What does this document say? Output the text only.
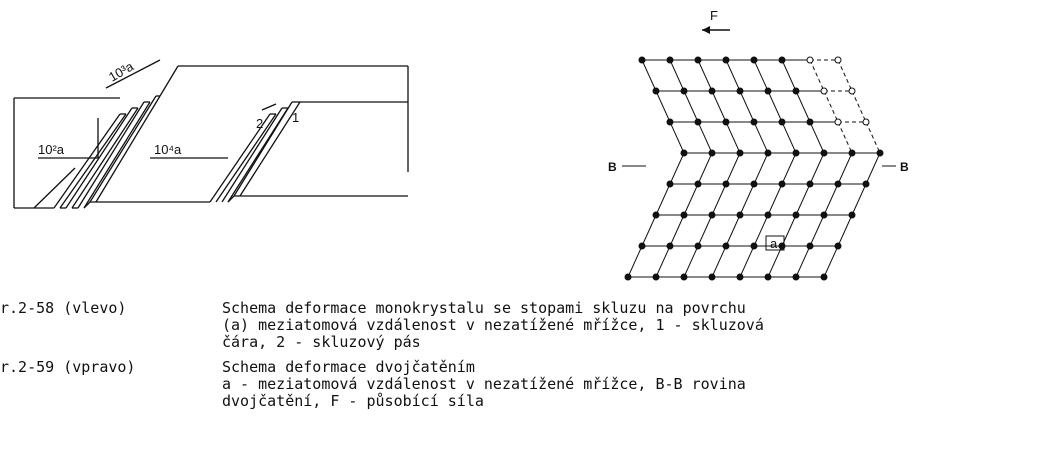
10³a
10²a	10⁴a
1
2
F
B	B
a
r.2-58 (vlevo)	Schema deformace monokrystalu se stopami skluzu na povrchu
(a) meziatomová vzdálenost v nezatížené mřížce, 1 - skluzová
čára, 2 - skluzový pás
r.2-59 (vpravo)	Schema deformace dvojčatěním
a - meziatomová vzdálenost v nezatížené mřížce, B-B rovina
dvojčatění, F - působící síla
